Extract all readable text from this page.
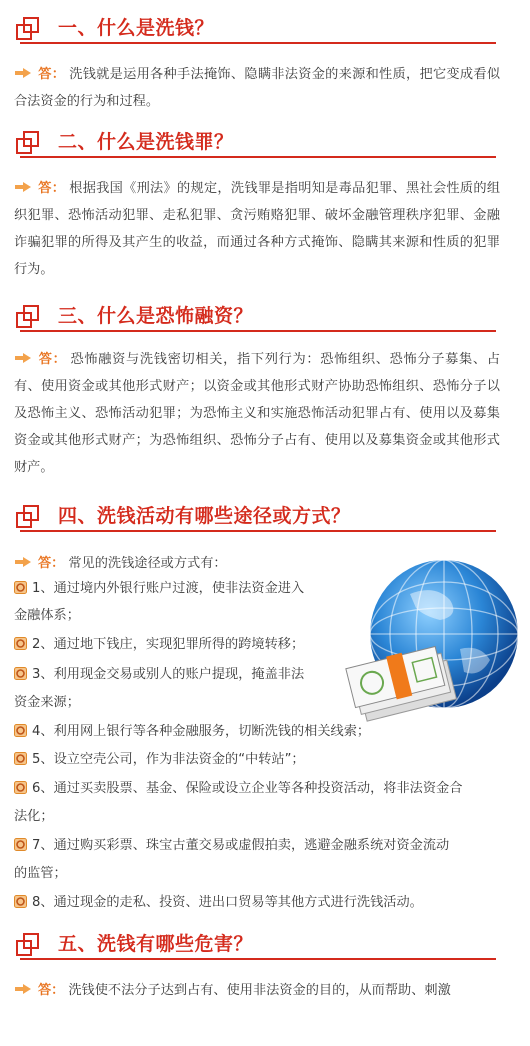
一、什么是洗钱？
答： 洗钱就是运用各种手法掩饰、隐瞒非法资金的来源和性质，把它变成看似合法资金的行为和过程。
二、什么是洗钱罪？
答： 根据我国《刑法》的规定，洗钱罪是指明知是毒品犯罪、黑社会性质的组织犯罪、恐怖活动犯罪、走私犯罪、贪污贿赂犯罪、破坏金融管理秩序犯罪、金融诈骗犯罪的所得及其产生的收益，而通过各种方式掩饰、隐瞒其来源和性质的犯罪行为。
三、什么是恐怖融资？
答： 恐怖融资与洗钱密切相关，指下列行为：恐怖组织、恐怖分子募集、占有、使用资金或其他形式财产；以资金或其他形式财产协助恐怖组织、恐怖分子以及恐怖主义、恐怖活动犯罪；为恐怖主义和实施恐怖活动犯罪占有、使用以及募集资金或其他形式财产；为恐怖组织、恐怖分子占有、使用以及募集资金或其他形式财产。
四、洗钱活动有哪些途径或方式？
答： 常见的洗钱途径或方式有：
1、通过境内外银行账户过渡，使非法资金进入
金融体系；
2、通过地下钱庄，实现犯罪所得的跨境转移；
3、利用现金交易或别人的账户提现，掩盖非法
资金来源；
4、利用网上银行等各种金融服务，切断洗钱的相关线索；
5、设立空壳公司，作为非法资金的“中转站”；
6、通过买卖股票、基金、保险或设立企业等各种投资活动，将非法资金合
法化；
7、通过购买彩票、珠宝古董交易或虚假拍卖，逃避金融系统对资金流动
的监管；
8、通过现金的走私、投资、进出口贸易等其他方式进行洗钱活动。
五、洗钱有哪些危害？
答： 洗钱使不法分子达到占有、使用非法资金的目的，从而帮助、刺激
